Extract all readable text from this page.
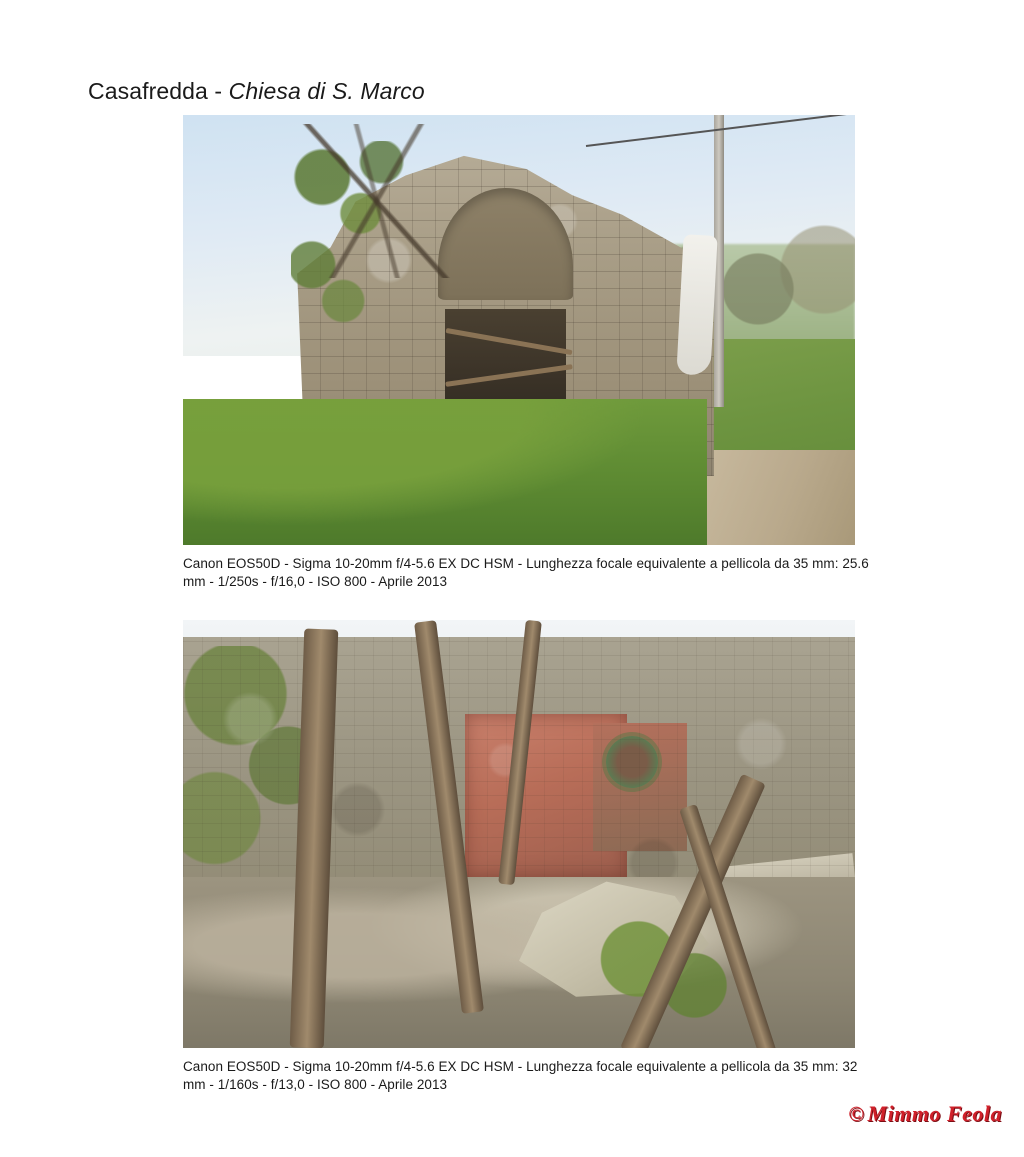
Casafredda - Chiesa di S. Marco
Canon EOS50D - Sigma 10-20mm f/4-5.6 EX DC HSM - Lunghezza focale equivalente a pellicola da 35 mm: 25.6 mm - 1/250s - f/16,0 - ISO 800 - Aprile 2013
Canon EOS50D - Sigma 10-20mm f/4-5.6 EX DC HSM - Lunghezza focale equivalente a pellicola da 35 mm: 32 mm - 1/160s - f/13,0 - ISO 800 - Aprile 2013
© Mimmo Feola
